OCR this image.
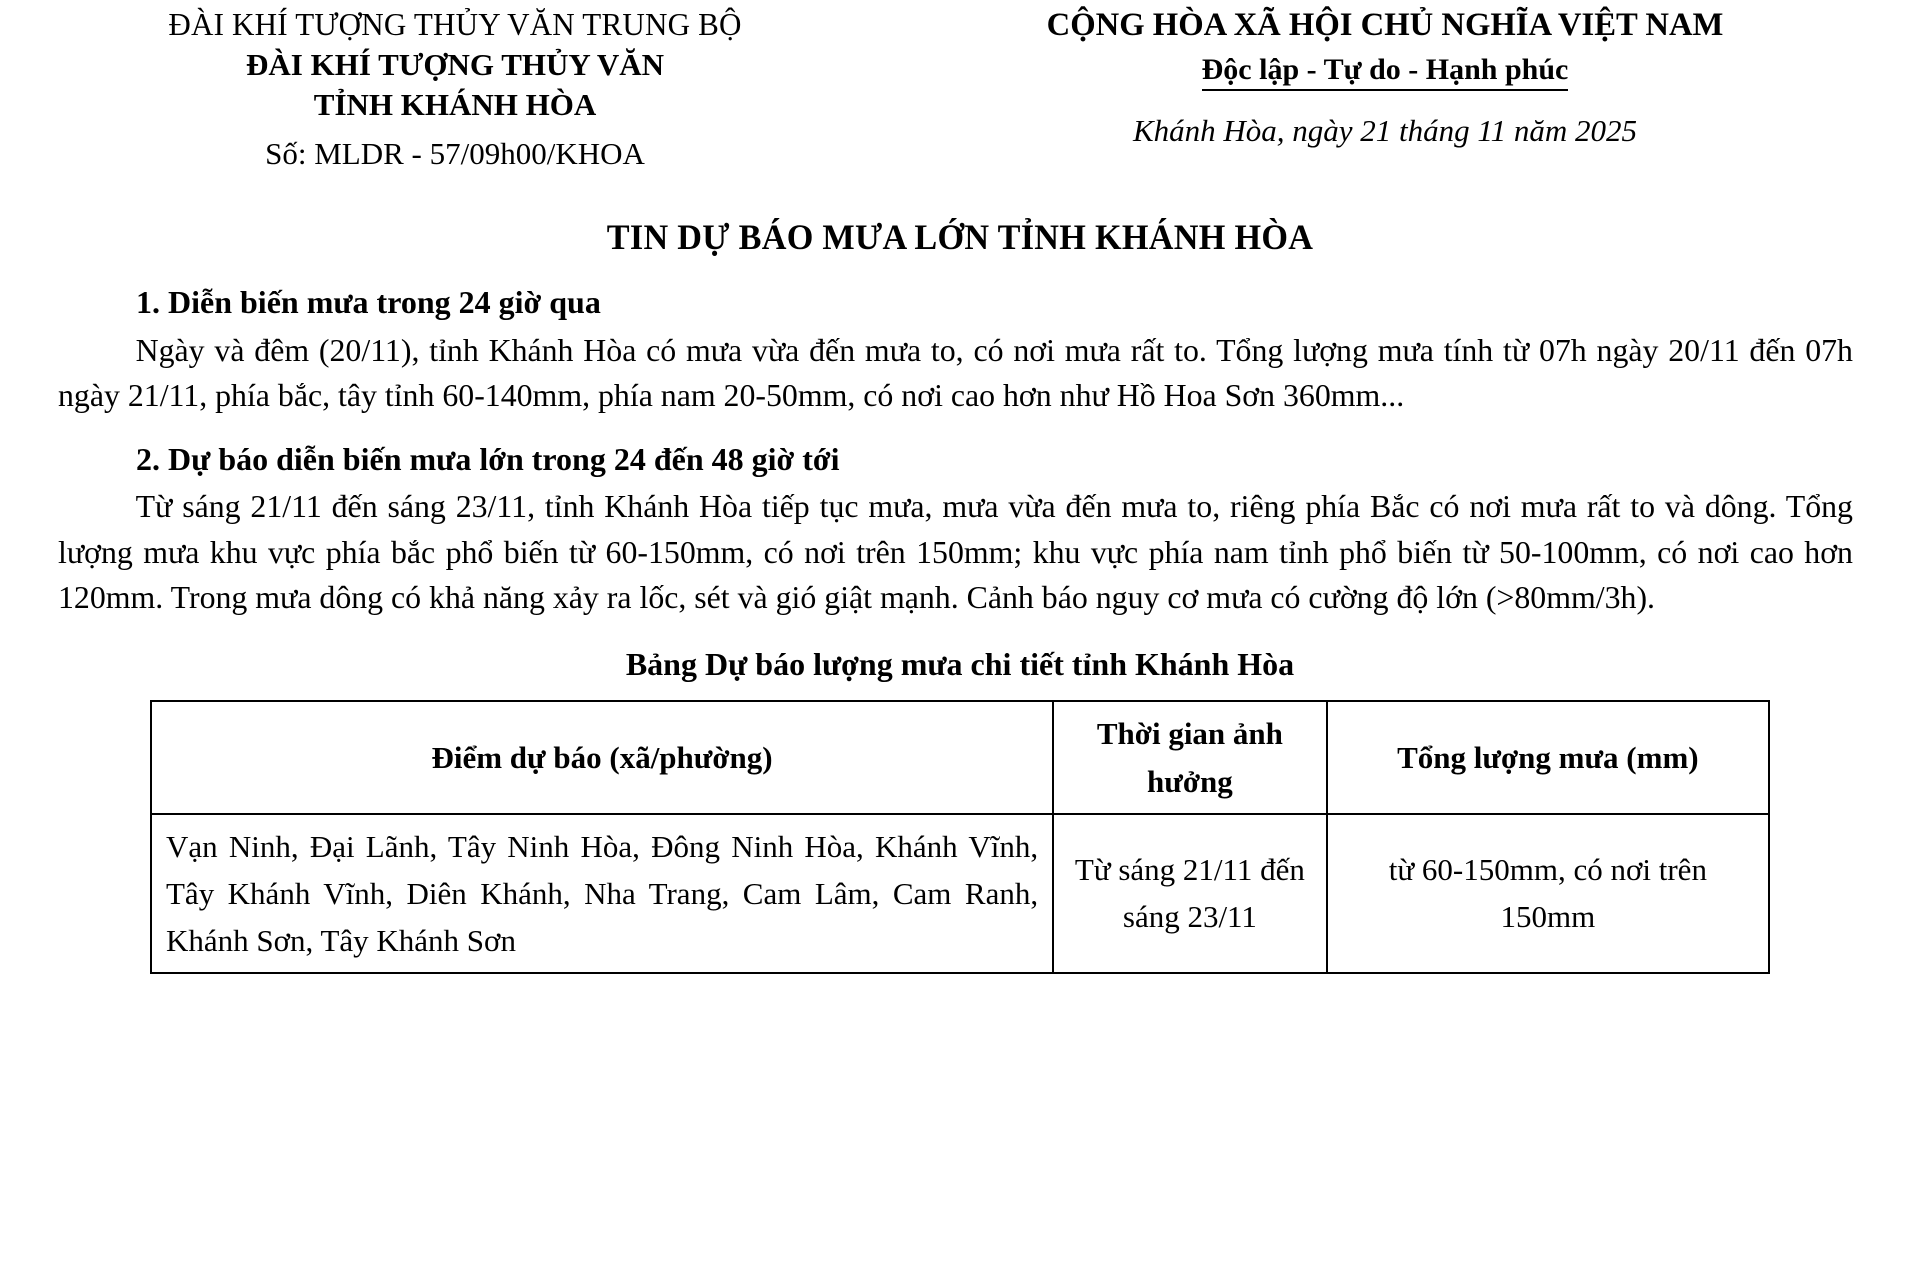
ĐÀI KHÍ TƯỢNG THỦY VĂN TRUNG BỘ
ĐÀI KHÍ TƯỢNG THỦY VĂN
TỈNH KHÁNH HÒA
Số: MLDR - 57/09h00/KHOA
CỘNG HÒA XÃ HỘI CHỦ NGHĨA VIỆT NAM
Độc lập - Tự do - Hạnh phúc
Khánh Hòa, ngày 21 tháng 11 năm 2025
TIN DỰ BÁO MƯA LỚN TỈNH KHÁNH HÒA
1. Diễn biến mưa trong 24 giờ qua

Ngày và đêm (20/11), tỉnh Khánh Hòa có mưa vừa đến mưa to, có nơi mưa rất to. Tổng lượng mưa tính từ 07h ngày 20/11 đến 07h ngày 21/11, phía bắc, tây tỉnh 60-140mm, phía nam 20-50mm, có nơi cao hơn như Hồ Hoa Sơn 360mm...

2. Dự báo diễn biến mưa lớn trong 24 đến 48 giờ tới

Từ sáng 21/11 đến sáng 23/11, tỉnh Khánh Hòa tiếp tục mưa, mưa vừa đến mưa to, riêng phía Bắc có nơi mưa rất to và dông. Tổng lượng mưa khu vực phía bắc phổ biến từ 60-150mm, có nơi trên 150mm; khu vực phía nam tỉnh phổ biến từ 50-100mm, có nơi cao hơn 120mm. Trong mưa dông có khả năng xảy ra lốc, sét và gió giật mạnh. Cảnh báo nguy cơ mưa có cường độ lớn (>80mm/3h).

Bảng Dự báo lượng mưa chi tiết tỉnh Khánh Hòa
Điểm dự báo (xã/phường)	Thời gian ảnh hưởng	Tổng lượng mưa (mm)
Vạn Ninh, Đại Lãnh, Tây Ninh Hòa, Đông Ninh Hòa, Khánh Vĩnh, Tây Khánh Vĩnh, Diên Khánh, Nha Trang, Cam Lâm, Cam Ranh, Khánh Sơn, Tây Khánh Sơn	Từ sáng 21/11 đến sáng 23/11	từ 60-150mm, có nơi trên 150mm
